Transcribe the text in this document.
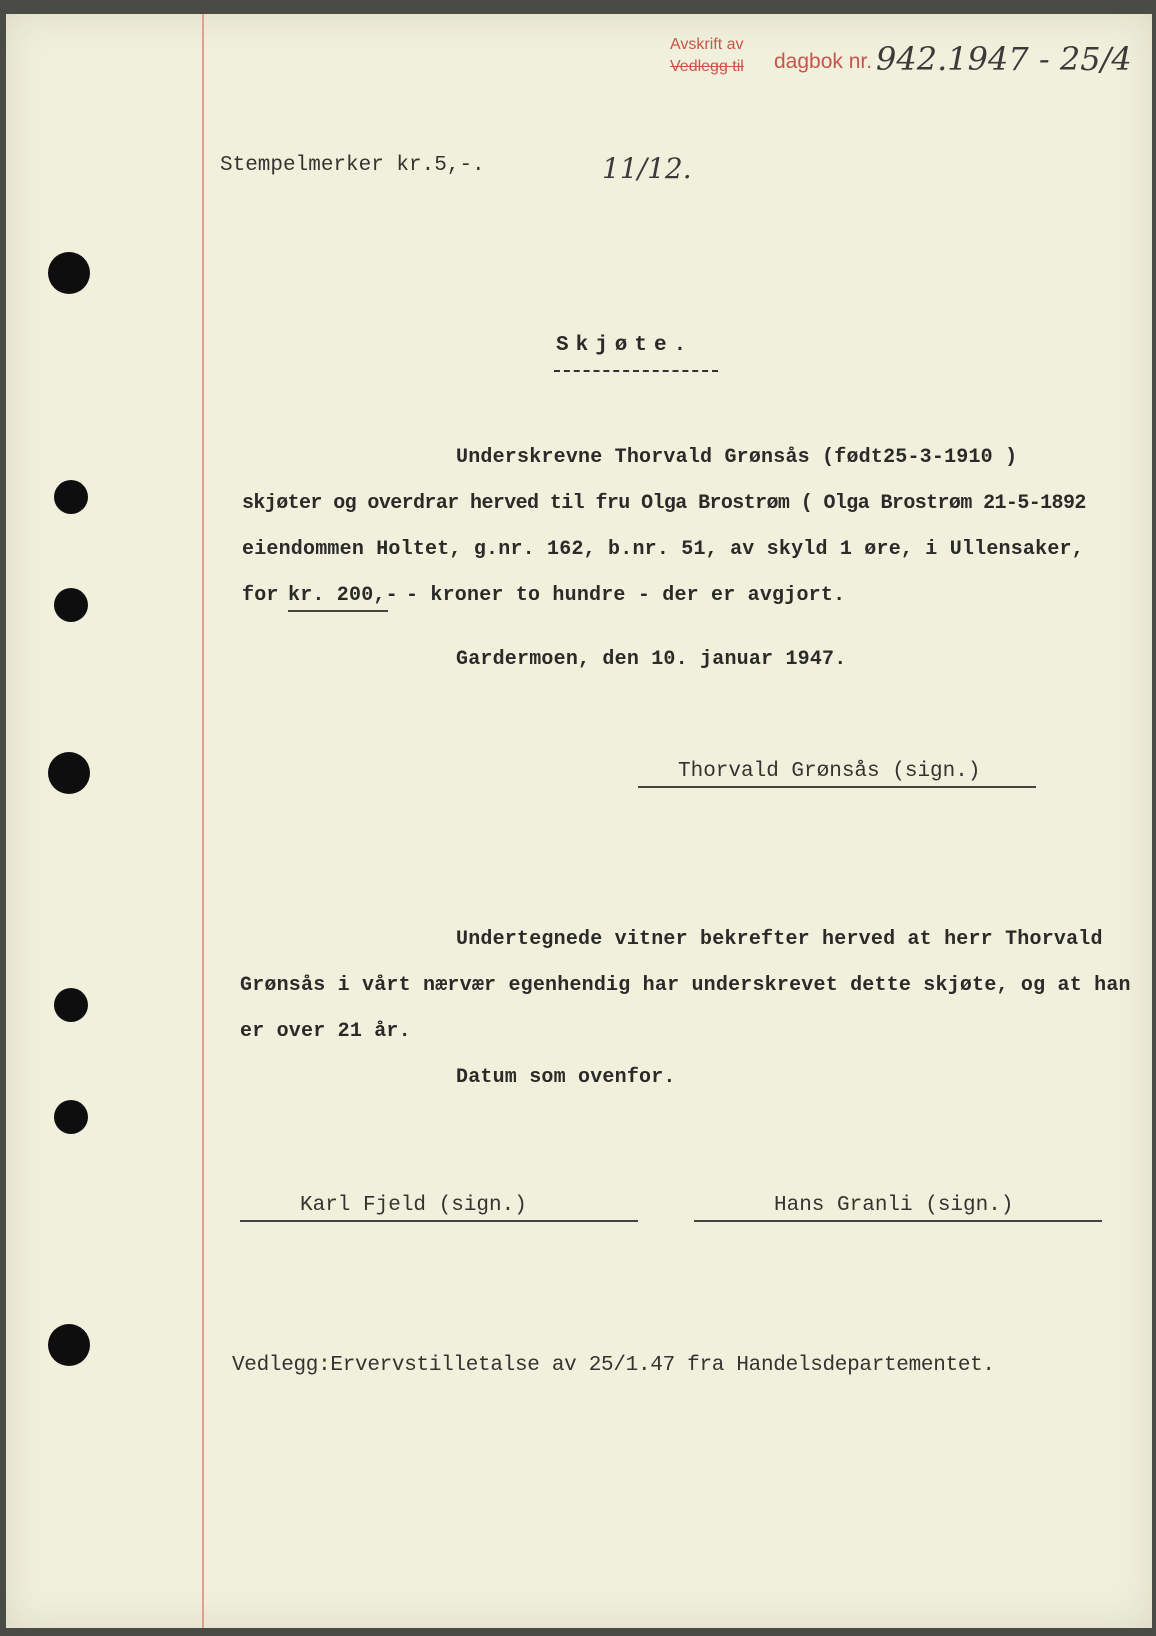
Avskrift av
Vedlegg til dagbok nr. 942.1947 - 25/4
Stempelmerker kr.5,-.	11/12.
Skjøte.
Underskrevne Thorvald Grønsås (født25-3-1910 )
skjøter og overdrar herved til fru Olga Brostrøm ( Olga Brostrøm 21-5-1892
eiendommen Holtet, g.nr. 162, b.nr. 51, av skyld 1 øre, i Ullensaker,
for kr. 200,- - kroner to hundre - der er avgjort.
Gardermoen, den 10. januar 1947.
Thorvald Grønsås (sign.)
Undertegnede vitner bekrefter herved at herr Thorvald
Grønsås i vårt nærvær egenhendig har underskrevet dette skjøte, og at han
er over 21 år.
Datum som ovenfor.
Karl Fjeld (sign.)	Hans Granli (sign.)
Vedlegg:Ervervstilletalse av 25/1.47 fra Handelsdepartementet.
